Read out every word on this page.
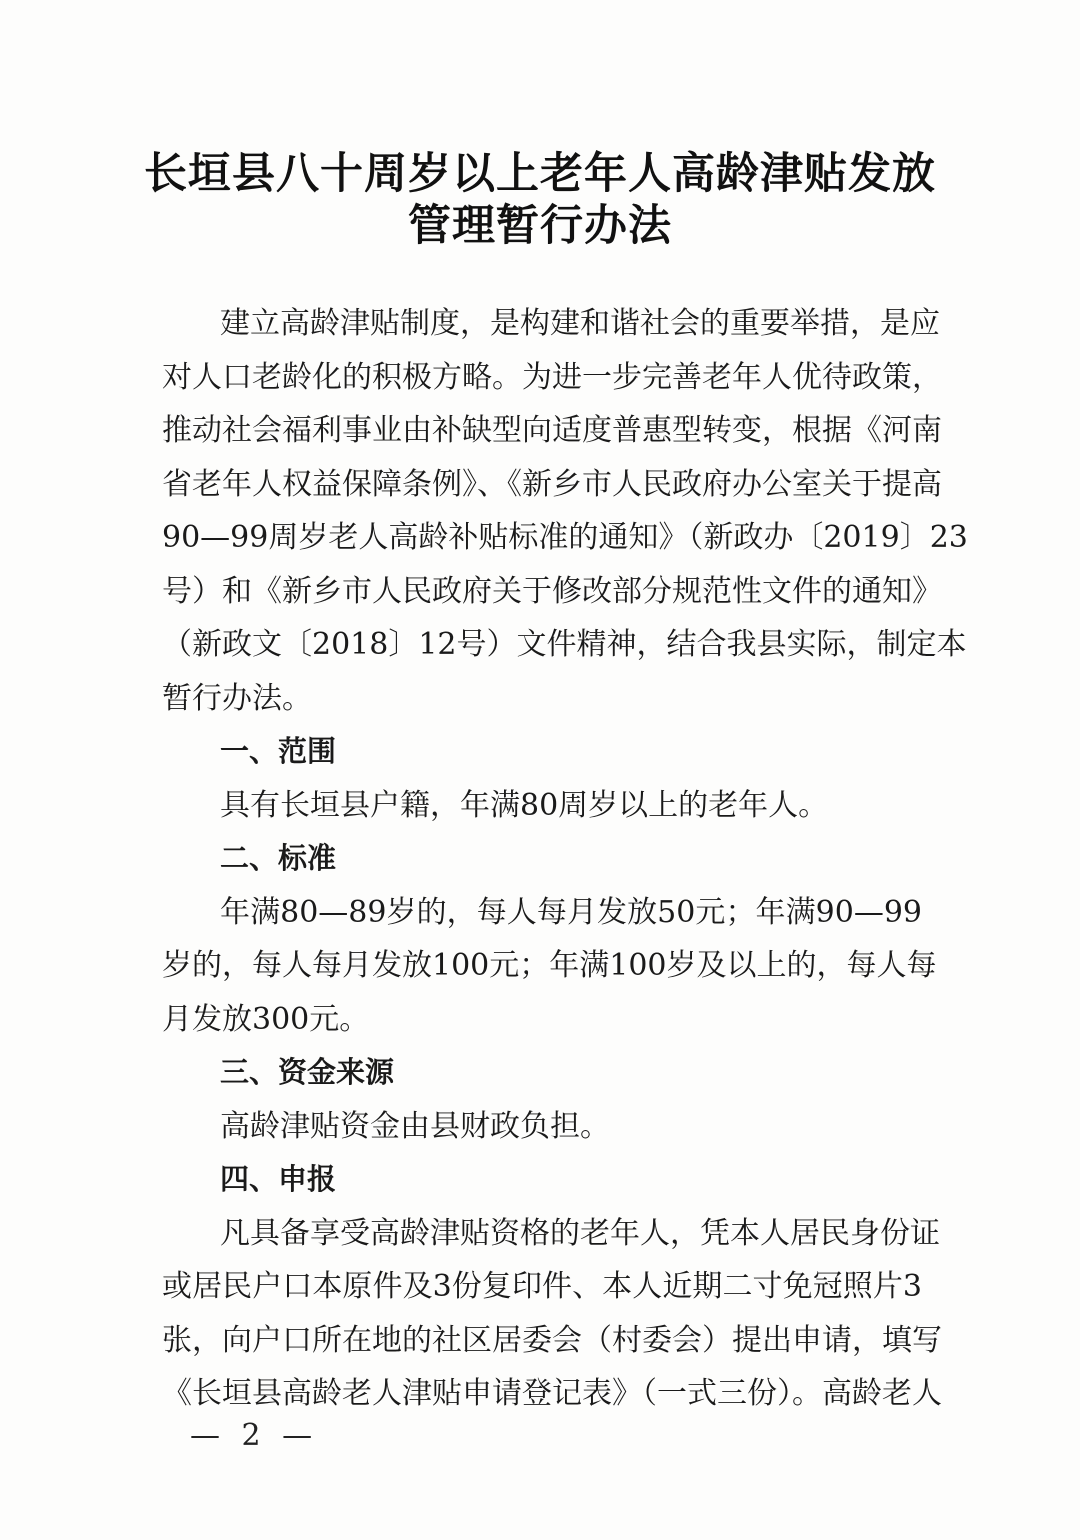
长垣县八十周岁以上老年人高龄津贴发放
管理暂行办法
建立高龄津贴制度，是构建和谐社会的重要举措，是应
对人口老龄化的积极方略。为进一步完善老年人优待政策，
推动社会福利事业由补缺型向适度普惠型转变，根据《河南
省老年人权益保障条例》、《新乡市人民政府办公室关于提高
90—99周岁老人高龄补贴标准的通知》（新政办〔2019〕23
号）和《新乡市人民政府关于修改部分规范性文件的通知》
（新政文〔2018〕12号）文件精神，结合我县实际，制定本
暂行办法。
一、范围
具有长垣县户籍，年满80周岁以上的老年人。
二、标准
年满80—89岁的，每人每月发放50元；年满90—99
岁的，每人每月发放100元；年满100岁及以上的，每人每
月发放300元。
三、资金来源
高龄津贴资金由县财政负担。
四、申报
凡具备享受高龄津贴资格的老年人，凭本人居民身份证
或居民户口本原件及3份复印件、本人近期二寸免冠照片3
张，向户口所在地的社区居委会（村委会）提出申请，填写
《长垣县高龄老人津贴申请登记表》（一式三份）。高龄老人
— 2 —
